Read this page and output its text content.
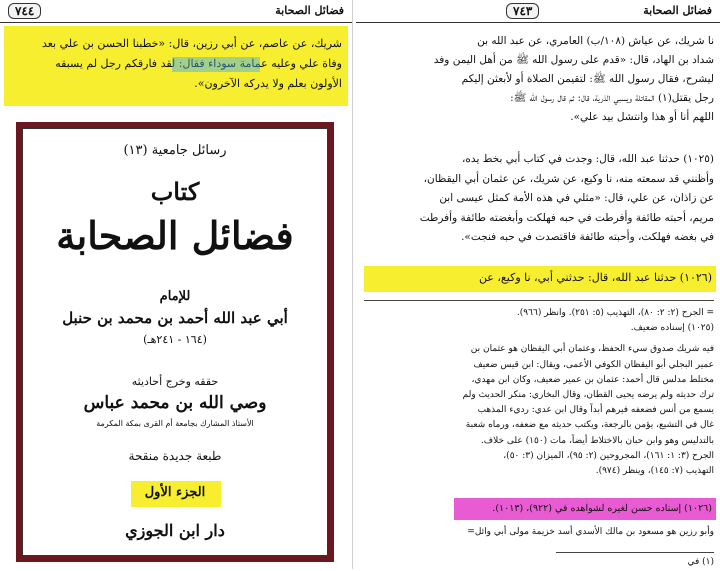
٧٤٤	فضائل الصحابة
شريك، عن عاصم، عن أبي رزين، قال: «خطبنا الحسن بن علي بعد
وفاة علي وعليه عمامة سوداء فقال: لقد فارقكم رجل لم يسبقه
الأولون بعلم ولا يدركه الآخرون».
رسائل جامعية (١٣)
كتاب
فضائل الصحابة
للإمام
أبي عبد الله أحمد بن محمد بن حنبل
(١٦٤ - ٢٤١هـ)
حققه وخرج أحاديثه
وصي الله بن محمد عباس
الأستاذ المشارك بجامعة أم القرى بمكة المكرمة
طبعة جديدة منقحة
الجزء الأول
دار ابن الجوزي
فضائل الصحابة
٧٤٣
نا شريك، عن عياش (١٠٨/ب) العامري، عن عبد الله بن
شداد بن الهاد، قال: «قدم على رسول الله ﷺ من أهل اليمن وفد
ليشرح، فقال رسول الله ﷺ: لتقيمن الصلاة أو لأبعثن إليكم
رجل يقتل(١) المقاتلة ويسبي الذرية، قال: ثم قال رسول الله ﷺ:
اللهم أنا أو هذا وانتشل بيد علي».
(١٠٢٥) حدثنا عبد الله، قال: وجدت في كتاب أبي بخط يده،
وأظنني قد سمعته منه، نا وكيع، عن شريك، عن عثمان أبي اليقظان،
عن زاذان، عن علي، قال: «مثلي في هذه الأمة كمثل عيسى ابن
مريم، أحبته طائفة وأفرطت في حبه فهلكت وأبغضته طائفة وأفرطت
في بغضه فهلكت، وأحبته طائفة فاقتصدت في حبه فنجت».
(١٠٢٦) حدثنا عبد الله، قال: حدثني أبي، نا وكيع، عن
= الجرح (٢: ٢: ٨٠)، التهذيب (٥: ٢٥١). وانظر (٩٦٦).
(١٠٢٥) إسناده ضعيف.
فيه شريك صدوق سيء الحفظ، وعثمان أبي اليقظان هو عثمان بن
عمير البجلي أبو اليقظان الكوفي الأعمى، ويقال: ابن قيس ضعيف
مختلط مدلس قال أحمد: عثمان بن عمير ضعيف، وكان ابن مهدي،
ترك حديثه ولم يرضه يحيى القطان، وقال البخاري: منكر الحديث ولم
يسمع من أنس فضعفه فيرهم أبداً وقال ابن عدي: رديء المذهب
غال في التشيع، يؤمن بالرجعة، ويكتب حديثه مع ضعفه، ورماه شعبة
بالتدليس وهو وابن حبان بالاختلاط أيضاً، مات (١٥٠) على خلاف.
الجرح (٣: ١: ١٦١)، المجروحين (٢: ٩٥)، الميزان (٣: ٥٠)،
التهذيب (٧: ١٤٥)، وينظر (٩٧٤).
(١٠٢٦) إسناده حسن لغيره لشواهده في (٩٢٢)، (١٠١٣).
وأبو رزين هو مسعود بن مالك الأسدي أسد خزيمة مولى أبي وائل=
(١) في
